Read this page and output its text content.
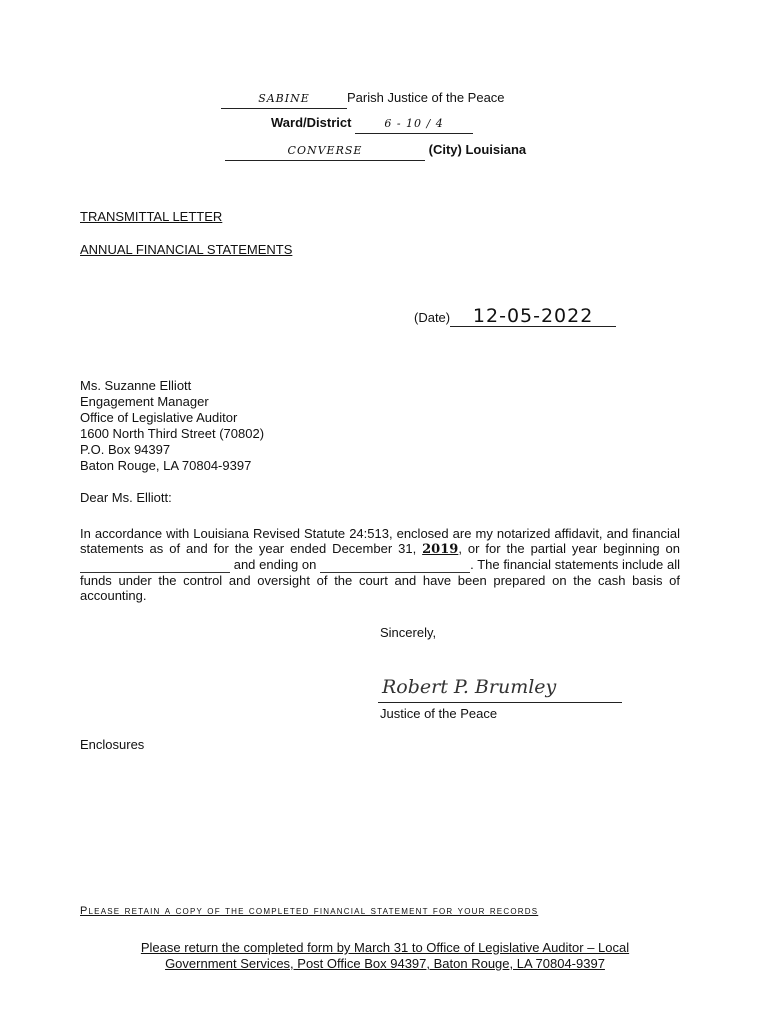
SABINE	Parish Justice of the Peace
Ward/District	6 - 10 / 4
CONVERSE	(City) Louisiana
TRANSMITTAL LETTER
ANNUAL FINANCIAL STATEMENTS
(Date)	12-05-2022
Ms. Suzanne Elliott
Engagement Manager
Office of Legislative Auditor
1600 North Third Street (70802)
P.O. Box 94397
Baton Rouge, LA 70804-9397
Dear Ms. Elliott:
In accordance with Louisiana Revised Statute 24:513, enclosed are my notarized affidavit, and financial statements as of and for the year ended December 31, 2019, or for the partial year beginning on   and ending on	. The financial statements include all funds under the control and oversight of the court and have been prepared on the cash basis of accounting.
Sincerely,
Robert P. Brumley
Justice of the Peace
Enclosures
Please retain a copy of the completed financial statement for your records
Please return the completed form by March 31 to Office of Legislative Auditor – Local
Government Services, Post Office Box 94397, Baton Rouge, LA 70804-9397
